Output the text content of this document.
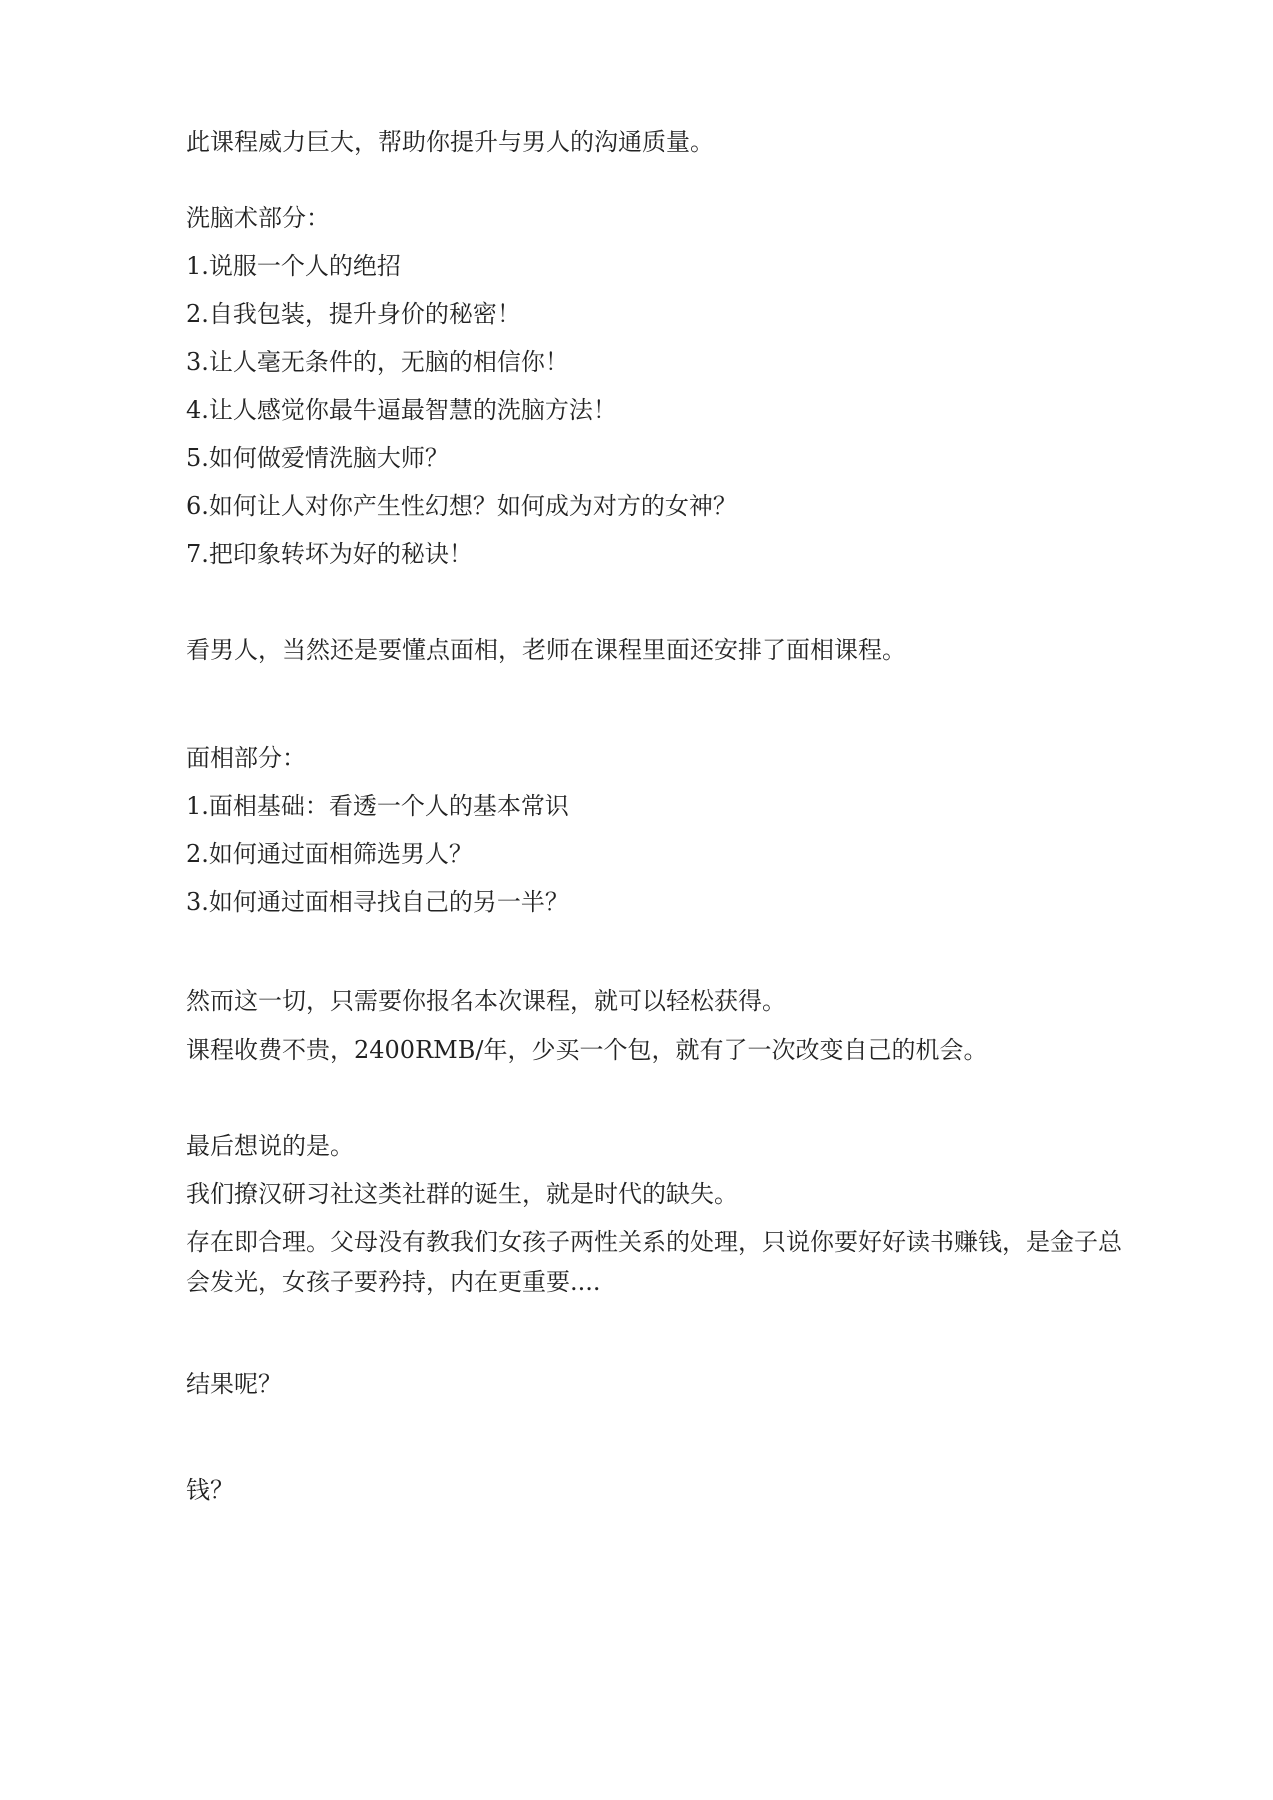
此课程威力巨大，帮助你提升与男人的沟通质量。

洗脑术部分：

1.说服一个人的绝招

2.自我包装，提升身价的秘密！

3.让人毫无条件的，无脑的相信你！

4.让人感觉你最牛逼最智慧的洗脑方法！

5.如何做爱情洗脑大师？

6.如何让人对你产生性幻想？如何成为对方的女神？

7.把印象转坏为好的秘诀！

看男人，当然还是要懂点面相，老师在课程里面还安排了面相课程。

面相部分：

1.面相基础：看透一个人的基本常识

2.如何通过面相筛选男人？

3.如何通过面相寻找自己的另一半？

然而这一切，只需要你报名本次课程，就可以轻松获得。

课程收费不贵，2400RMB/年，少买一个包，就有了一次改变自己的机会。

最后想说的是。

我们撩汉研习社这类社群的诞生，就是时代的缺失。

存在即合理。父母没有教我们女孩子两性关系的处理，只说你要好好读书赚钱，是金子总会发光，女孩子要矜持，内在更重要....

结果呢？

钱？
